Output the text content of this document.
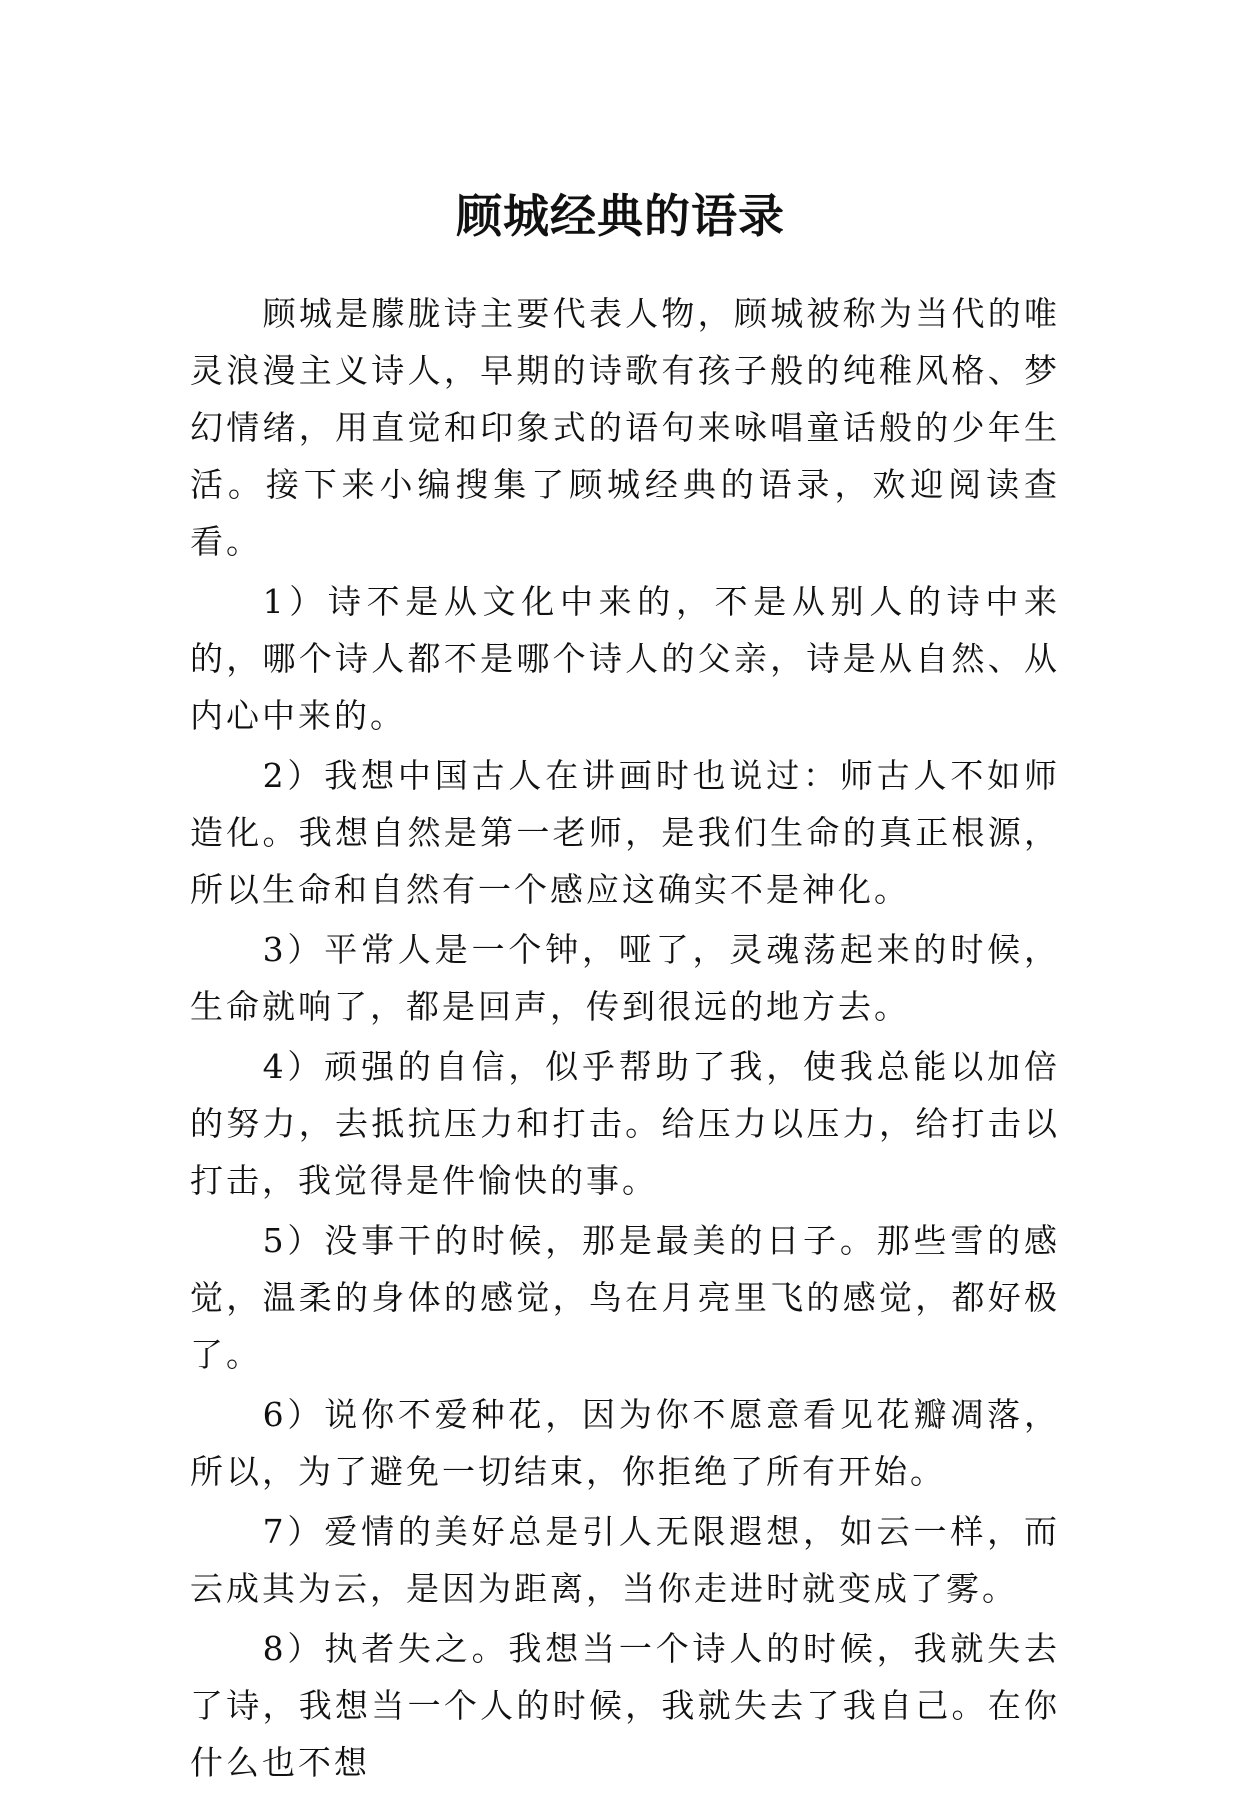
顾城经典的语录

顾城是朦胧诗主要代表人物，顾城被称为当代的唯灵浪漫主义诗人，早期的诗歌有孩子般的纯稚风格、梦幻情绪，用直觉和印象式的语句来咏唱童话般的少年生活。接下来小编搜集了顾城经典的语录，欢迎阅读查看。

1）诗不是从文化中来的，不是从别人的诗中来的，哪个诗人都不是哪个诗人的父亲，诗是从自然、从内心中来的。

2）我想中国古人在讲画时也说过：师古人不如师造化。我想自然是第一老师，是我们生命的真正根源，所以生命和自然有一个感应这确实不是神化。

3）平常人是一个钟，哑了，灵魂荡起来的时候，生命就响了，都是回声，传到很远的地方去。

4）顽强的自信，似乎帮助了我，使我总能以加倍的努力，去抵抗压力和打击。给压力以压力，给打击以打击，我觉得是件愉快的事。

5）没事干的时候，那是最美的日子。那些雪的感觉，温柔的身体的感觉，鸟在月亮里飞的感觉，都好极了。

6）说你不爱种花，因为你不愿意看见花瓣凋落，所以，为了避免一切结束，你拒绝了所有开始。

7）爱情的美好总是引人无限遐想，如云一样，而云成其为云，是因为距离，当你走进时就变成了雾。

8）执者失之。我想当一个诗人的时候，我就失去了诗，我想当一个人的时候，我就失去了我自己。在你什么也不想
